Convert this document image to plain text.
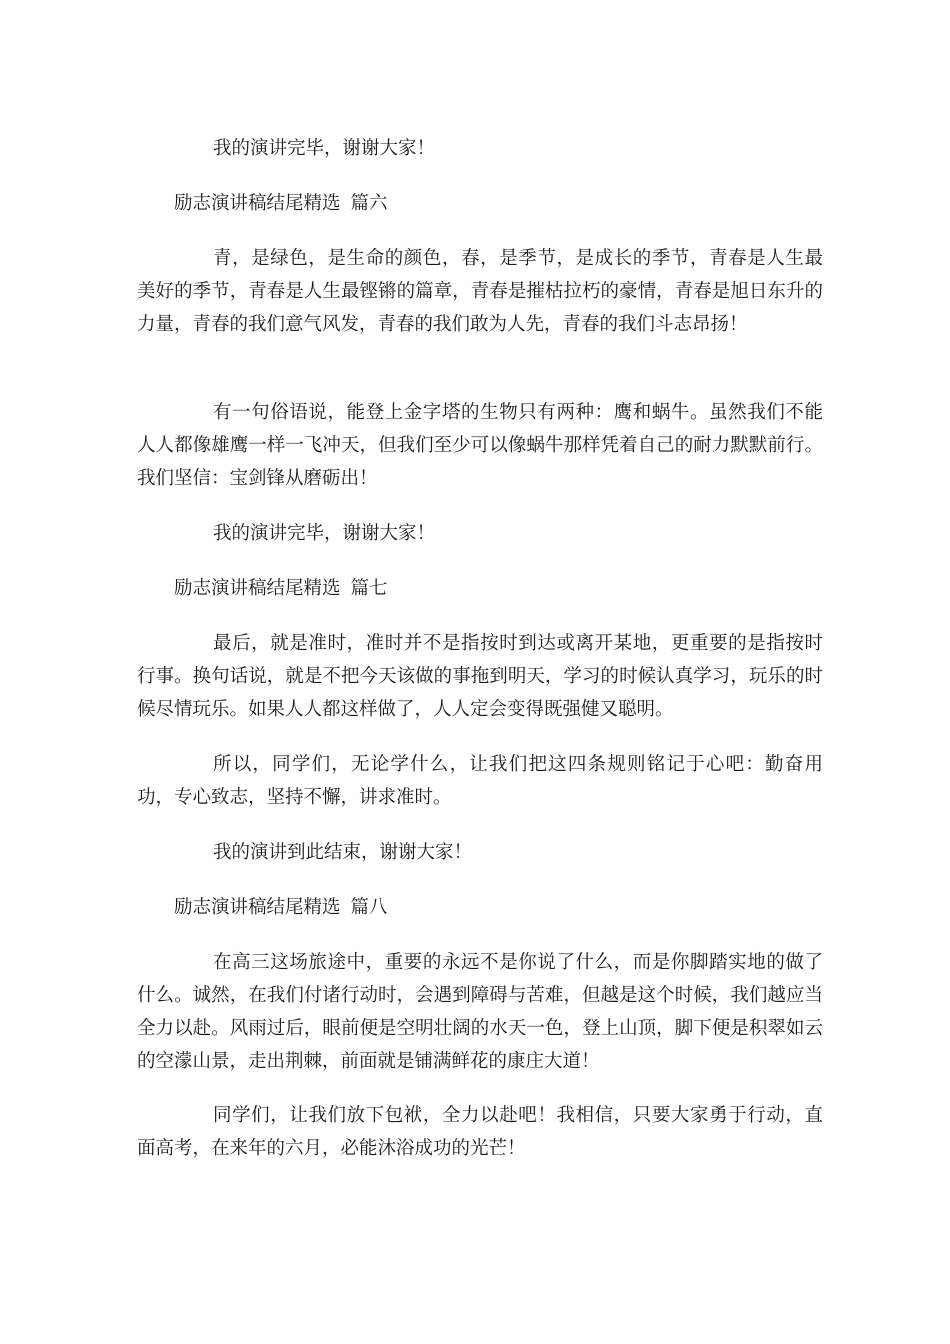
我的演讲完毕，谢谢大家！

励志演讲稿结尾精选 篇六

青，是绿色，是生命的颜色，春，是季节，是成长的季节，青春是人生最美好的季节，青春是人生最铿锵的篇章，青春是摧枯拉朽的豪情，青春是旭日东升的力量，青春的我们意气风发，青春的我们敢为人先，青春的我们斗志昂扬！

有一句俗语说，能登上金字塔的生物只有两种：鹰和蜗牛。虽然我们不能人人都像雄鹰一样一飞冲天，但我们至少可以像蜗牛那样凭着自己的耐力默默前行。我们坚信：宝剑锋从磨砺出！

我的演讲完毕，谢谢大家！

励志演讲稿结尾精选 篇七

最后，就是准时，准时并不是指按时到达或离开某地，更重要的是指按时行事。换句话说，就是不把今天该做的事拖到明天，学习的时候认真学习，玩乐的时候尽情玩乐。如果人人都这样做了，人人定会变得既强健又聪明。

所以，同学们，无论学什么，让我们把这四条规则铭记于心吧：勤奋用功，专心致志，坚持不懈，讲求准时。

我的演讲到此结束，谢谢大家！

励志演讲稿结尾精选 篇八

在高三这场旅途中，重要的永远不是你说了什么，而是你脚踏实地的做了什么。诚然，在我们付诸行动时，会遇到障碍与苦难，但越是这个时候，我们越应当全力以赴。风雨过后，眼前便是空明壮阔的水天一色，登上山顶，脚下便是积翠如云的空濛山景，走出荆棘，前面就是铺满鲜花的康庄大道！

同学们，让我们放下包袱，全力以赴吧！我相信，只要大家勇于行动，直面高考，在来年的六月，必能沐浴成功的光芒！
